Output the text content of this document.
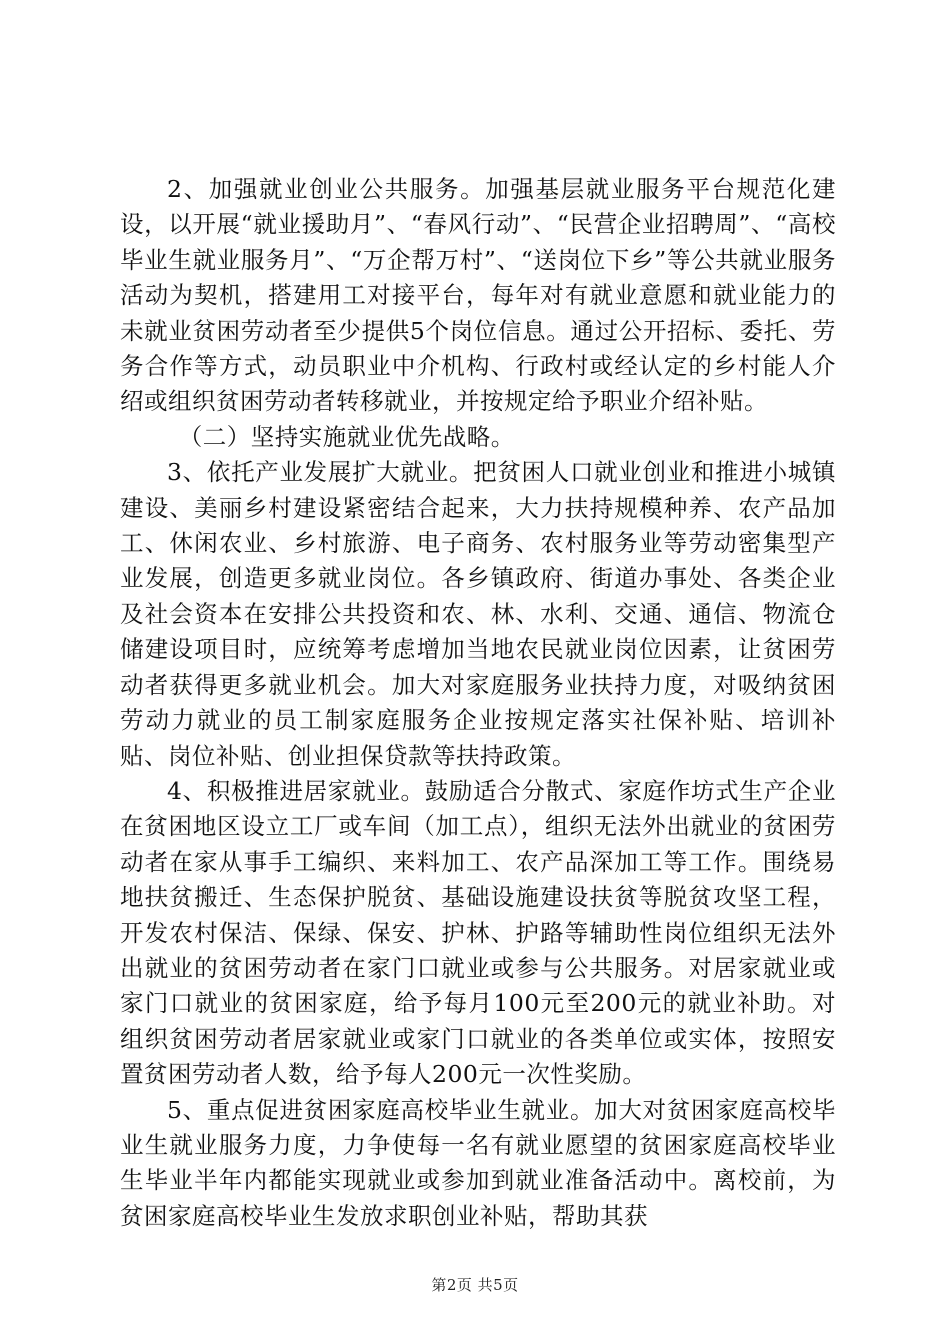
2、加强就业创业公共服务。加强基层就业服务平台规范化建设，以开展“就业援助月”、“春风行动”、“民营企业招聘周”、“高校毕业生就业服务月”、“万企帮万村”、“送岗位下乡”等公共就业服务活动为契机，搭建用工对接平台，每年对有就业意愿和就业能力的未就业贫困劳动者至少提供5个岗位信息。通过公开招标、委托、劳务合作等方式，动员职业中介机构、行政村或经认定的乡村能人介绍或组织贫困劳动者转移就业，并按规定给予职业介绍补贴。

（二）坚持实施就业优先战略。

3、依托产业发展扩大就业。把贫困人口就业创业和推进小城镇建设、美丽乡村建设紧密结合起来，大力扶持规模种养、农产品加工、休闲农业、乡村旅游、电子商务、农村服务业等劳动密集型产业发展，创造更多就业岗位。各乡镇政府、街道办事处、各类企业及社会资本在安排公共投资和农、林、水利、交通、通信、物流仓储建设项目时，应统筹考虑增加当地农民就业岗位因素，让贫困劳动者获得更多就业机会。加大对家庭服务业扶持力度，对吸纳贫困劳动力就业的员工制家庭服务企业按规定落实社保补贴、培训补贴、岗位补贴、创业担保贷款等扶持政策。

4、积极推进居家就业。鼓励适合分散式、家庭作坊式生产企业在贫困地区设立工厂或车间（加工点），组织无法外出就业的贫困劳动者在家从事手工编织、来料加工、农产品深加工等工作。围绕易地扶贫搬迁、生态保护脱贫、基础设施建设扶贫等脱贫攻坚工程，开发农村保洁、保绿、保安、护林、护路等辅助性岗位组织无法外出就业的贫困劳动者在家门口就业或参与公共服务。对居家就业或家门口就业的贫困家庭，给予每月100元至200元的就业补助。对组织贫困劳动者居家就业或家门口就业的各类单位或实体，按照安置贫困劳动者人数，给予每人200元一次性奖励。

5、重点促进贫困家庭高校毕业生就业。加大对贫困家庭高校毕业生就业服务力度，力争使每一名有就业愿望的贫困家庭高校毕业生毕业半年内都能实现就业或参加到就业准备活动中。离校前，为贫困家庭高校毕业生发放求职创业补贴，帮助其获

第2页 共5页
